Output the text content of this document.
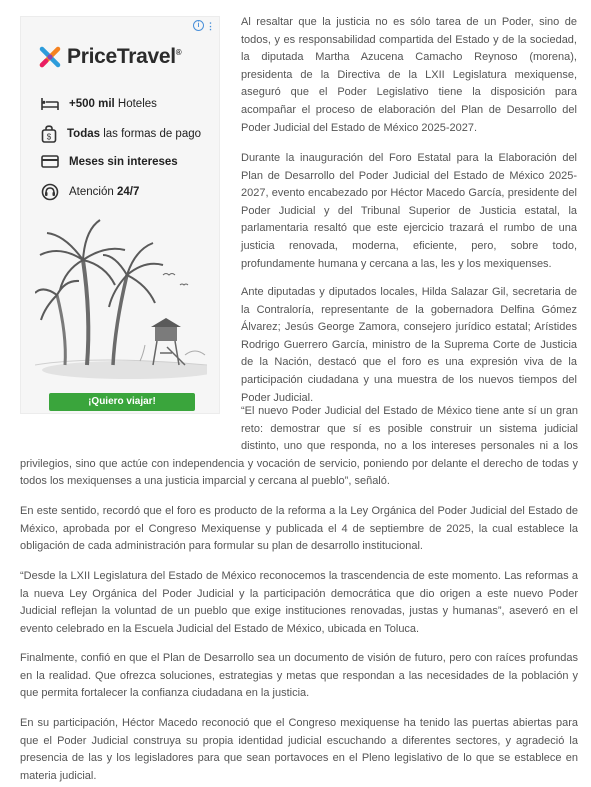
i ⋮
PriceTravel®
+500 mil Hoteles
$ Todas las formas de pago
Meses sin intereses
Atención 24/7
¡Quiero viajar!

Al resaltar que la justicia no es sólo tarea de un Poder, sino de todos, y es responsabilidad compartida del Estado y de la sociedad, la diputada Martha Azucena Camacho Reynoso (morena), presidenta de la Directiva de la LXII Legislatura mexiquense, aseguró que el Poder Legislativo tiene la disposición para acompañar el proceso de elaboración del Plan de Desarrollo del Poder Judicial del Estado de México 2025-2027.

Durante la inauguración del Foro Estatal para la Elaboración del Plan de Desarrollo del Poder Judicial del Estado de México 2025-2027, evento encabezado por Héctor Macedo García, presidente del Poder Judicial y del Tribunal Superior de Justicia estatal, la parlamentaria resaltó que este ejercicio trazará el rumbo de una justicia renovada, moderna, eficiente, pero, sobre todo, profundamente humana y cercana a las, les y los mexiquenses.

Ante diputadas y diputados locales, Hilda Salazar Gil, secretaria de la Contraloría, representante de la gobernadora Delfina Gómez Álvarez; Jesús George Zamora, consejero jurídico estatal; Arístides Rodrigo Guerrero García, ministro de la Suprema Corte de Justicia de la Nación, destacó que el foro es una expresión viva de la participación ciudadana y una muestra de los nuevos tiempos del Poder Judicial.

“El nuevo Poder Judicial del Estado de México tiene ante sí un gran reto: demostrar que sí es posible construir un sistema judicial distinto, uno que responda, no a los intereses personales ni a los privilegios, sino que actúe con independencia y vocación de servicio, poniendo por delante el derecho de todas y todos los mexiquenses a una justicia imparcial y cercana al pueblo”, señaló.

En este sentido, recordó que el foro es producto de la reforma a la Ley Orgánica del Poder Judicial del Estado de México, aprobada por el Congreso Mexiquense y publicada el 4 de septiembre de 2025, la cual establece la obligación de cada administración para formular su plan de desarrollo institucional.

“Desde la LXII Legislatura del Estado de México reconocemos la trascendencia de este momento. Las reformas a la nueva Ley Orgánica del Poder Judicial y la participación democrática que dio origen a este nuevo Poder Judicial reflejan la voluntad de un pueblo que exige instituciones renovadas, justas y humanas”, aseveró en el evento celebrado en la Escuela Judicial del Estado de México, ubicada en Toluca.

Finalmente, confió en que el Plan de Desarrollo sea un documento de visión de futuro, pero con raíces profundas en la realidad. Que ofrezca soluciones, estrategias y metas que respondan a las necesidades de la población y que permita fortalecer la confianza ciudadana en la justicia.

En su participación, Héctor Macedo reconoció que el Congreso mexiquense ha tenido las puertas abiertas para que el Poder Judicial construya su propia identidad judicial escuchando a diferentes sectores, y agradeció la presencia de las y los legisladores para que sean portavoces en el Pleno legislativo de lo que se establece en materia judicial.
